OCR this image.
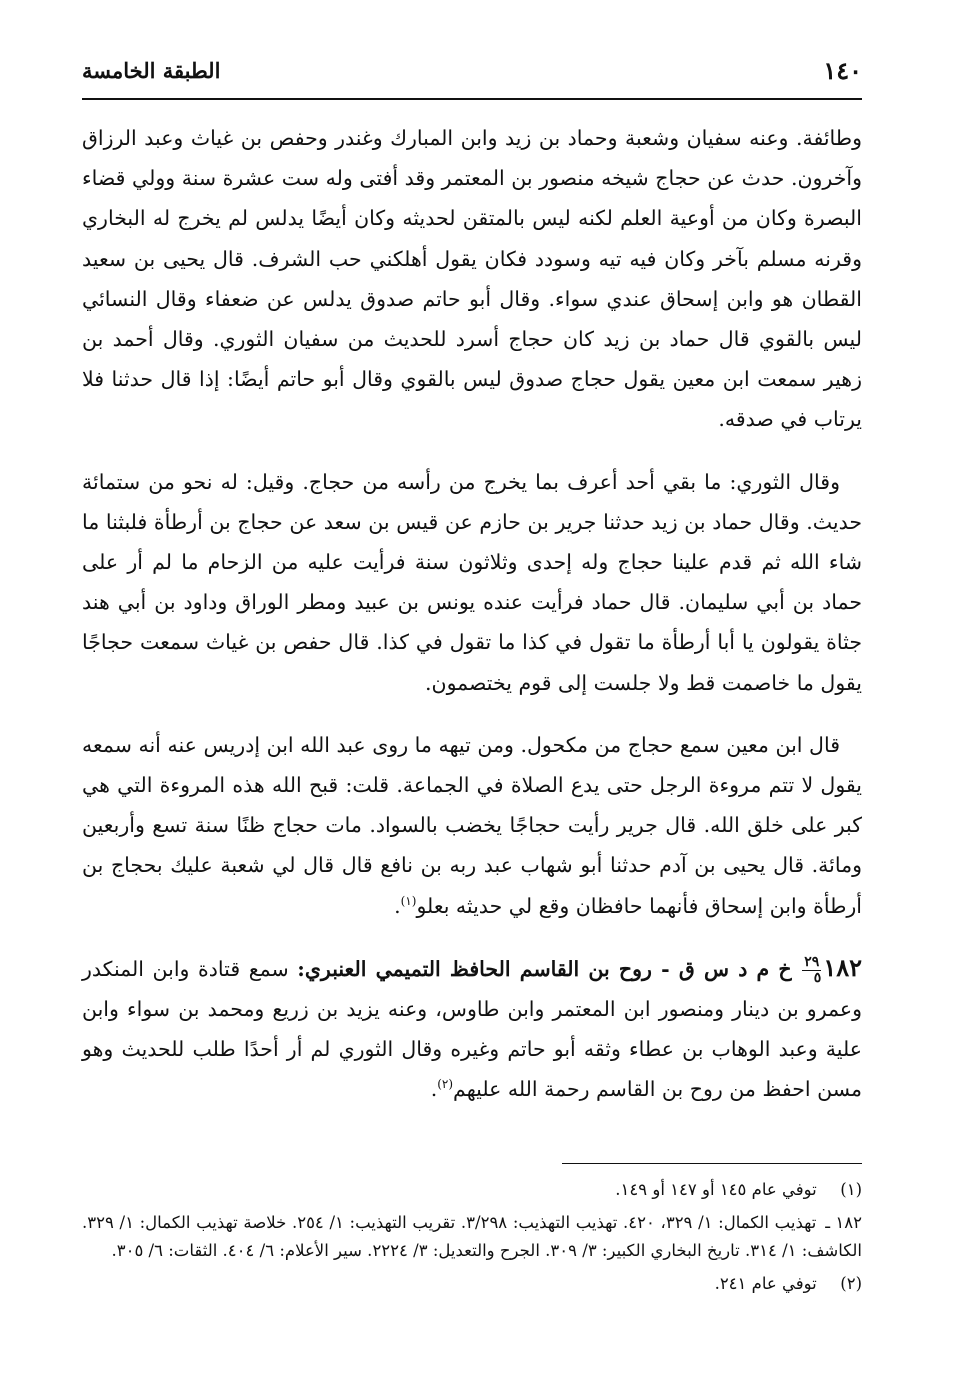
١٤٠
الطبقة الخامسة

وطائفة. وعنه سفيان وشعبة وحماد بن زيد وابن المبارك وغندر وحفص بن غياث وعبد الرزاق وآخرون. حدث عن حجاج شيخه منصور بن المعتمر وقد أفتى وله ست عشرة سنة وولي قضاء البصرة وكان من أوعية العلم لكنه ليس بالمتقن لحديثه وكان أيضًا يدلس لم يخرج له البخاري وقرنه مسلم بآخر وكان فيه تيه وسودد فكان يقول أهلكني حب الشرف. قال يحيى بن سعيد القطان هو وابن إسحاق عندي سواء. وقال أبو حاتم صدوق يدلس عن ضعفاء وقال النسائي ليس بالقوي قال حماد بن زيد كان حجاج أسرد للحديث من سفيان الثوري. وقال أحمد بن زهير سمعت ابن معين يقول حجاج صدوق ليس بالقوي وقال أبو حاتم أيضًا: إذا قال حدثنا فلا يرتاب في صدقه.

وقال الثوري: ما بقي أحد أعرف بما يخرج من رأسه من حجاج. وقيل: له نحو من ستمائة حديث. وقال حماد بن زيد حدثنا جرير بن حازم عن قيس بن سعد عن حجاج بن أرطأة فلبثنا ما شاء الله ثم قدم علينا حجاج وله إحدى وثلاثون سنة فرأيت عليه من الزحام ما لم أر على حماد بن أبي سليمان. قال حماد فرأيت عنده يونس بن عبيد ومطر الوراق وداود بن أبي هند جثاة يقولون يا أبا أرطأة ما تقول في كذا ما تقول في كذا. قال حفص بن غياث سمعت حجاجًا يقول ما خاصمت قط ولا جلست إلى قوم يختصمون.

قال ابن معين سمع حجاج من مكحول. ومن تيهه ما روى عبد الله ابن إدريس عنه أنه سمعه يقول لا تتم مروءة الرجل حتى يدع الصلاة في الجماعة. قلت: قبح الله هذه المروءة التي هي كبر على خلق الله. قال جرير رأيت حجاجًا يخضب بالسواد. مات حجاج ظنًا سنة تسع وأربعين ومائة. قال يحيى بن آدم حدثنا أبو شهاب عبد ربه بن نافع قال قال لي شعبة عليك بحجاج بن أرطأة وابن إسحاق فأنهما حافظان وقع لي حديثه بعلو$^{(١)}$.

١٨٢
$\frac{٢٩}{٥}$
خ م د س ق - روح بن القاسم الحافظ التميمي العنبري: سمع قتادة وابن المنكدر وعمرو بن دينار ومنصور ابن المعتمر وابن طاوس، وعنه يزيد بن زريع ومحمد بن سواء وابن علية وعبد الوهاب بن عطاء وثقه أبو حاتم وغيره وقال الثوري لم أر أحدًا طلب للحديث وهو مسن احفظ من روح بن القاسم رحمة الله عليهم$^{(٢)}$.

(١) توفي عام ١٤٥ أو ١٤٧ أو ١٤٩.

١٨٢ ـ تهذيب الكمال: ١/ ٣٢٩، ٤٢٠. تهذيب التهذيب: ٣/٢٩٨. تقريب التهذيب: ١/ ٢٥٤. خلاصة تهذيب الكمال: ١/ ٣٢٩. الكاشف: ١/ ٣١٤. تاريخ البخاري الكبير: ٣/ ٣٠٩. الجرح والتعديل: ٣/ ٢٢٢٤. سير الأعلام: ٦/ ٤٠٤. الثقات: ٦/ ٣٠٥.

(٢) توفي عام ٢٤١.
